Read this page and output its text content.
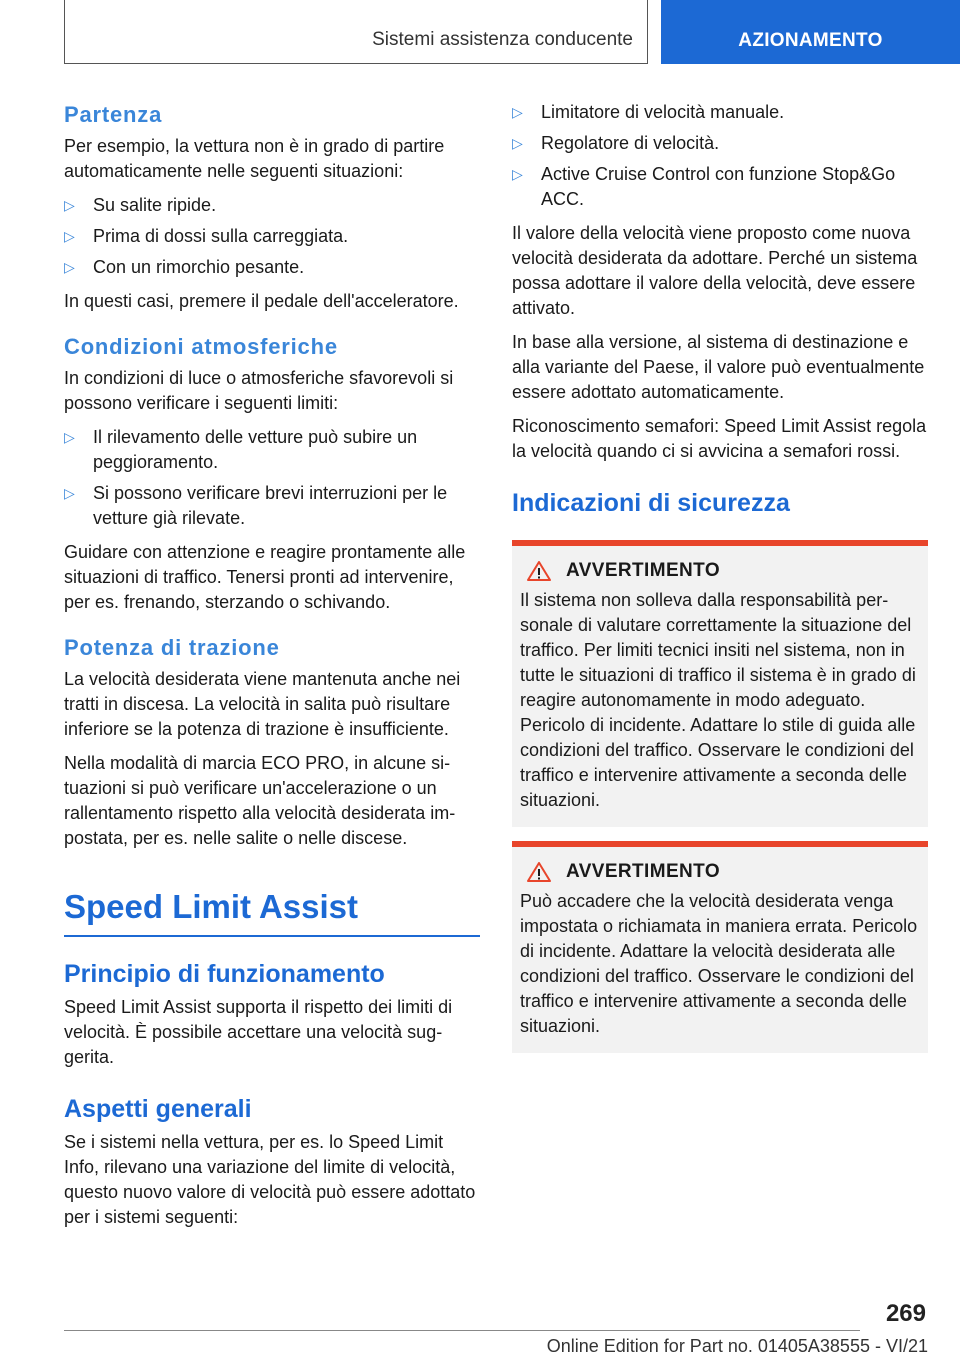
Sistemi assistenza conducente	AZIONAMENTO
Partenza

Per esempio, la vettura non è in grado di partire automaticamente nelle seguenti situazioni:

▷ Su salite ripide.
▷ Prima di dossi sulla carreggiata.
▷ Con un rimorchio pesante.

In questi casi, premere il pedale dell'acceleratore.

Condizioni atmosferiche

In condizioni di luce o atmosferiche sfavorevoli si possono verificare i seguenti limiti:

▷ Il rilevamento delle vetture può subire un peggioramento.
▷ Si possono verificare brevi interruzioni per le vetture già rilevate.

Guidare con attenzione e reagire prontamente alle situazioni di traffico. Tenersi pronti ad intervenire, per es. frenando, sterzando o schivando.

Potenza di trazione

La velocità desiderata viene mantenuta anche nei tratti in discesa. La velocità in salita può risultare inferiore se la potenza di trazione è insufficiente.

Nella modalità di marcia ECO PRO, in alcune situazioni si può verificare un'accelerazione o un rallentamento rispetto alla velocità desiderata impostata, per es. nelle salite o nelle discese.

Speed Limit Assist
Principio di funzionamento

Speed Limit Assist supporta il rispetto dei limiti di velocità. È possibile accettare una velocità suggerita.

Aspetti generali

Se i sistemi nella vettura, per es. lo Speed Limit Info, rilevano una variazione del limite di velocità, questo nuovo valore di velocità può essere adottato per i sistemi seguenti:

▷ Limitatore di velocità manuale.
▷ Regolatore di velocità.
▷ Active Cruise Control con funzione Stop&Go ACC.

Il valore della velocità viene proposto come nuova velocità desiderata da adottare. Perché un sistema possa adottare il valore della velocità, deve essere attivato.

In base alla versione, al sistema di destinazione e alla variante del Paese, il valore può eventualmente essere adottato automaticamente.

Riconoscimento semafori: Speed Limit Assist regola la velocità quando ci si avvicina a semafori rossi.

Indicazioni di sicurezza
AVVERTIMENTO

Il sistema non solleva dalla responsabilità personale di valutare correttamente la situazione del traffico. Per limiti tecnici insiti nel sistema, non in tutte le situazioni di traffico il sistema è in grado di reagire autonomamente in modo adeguato. Pericolo di incidente. Adattare lo stile di guida alle condizioni del traffico. Osservare le condizioni del traffico e intervenire attivamente a seconda delle situazioni.

AVVERTIMENTO

Può accadere che la velocità desiderata venga impostata o richiamata in maniera errata. Pericolo di incidente. Adattare la velocità desiderata alle condizioni del traffico. Osservare le condizioni del traffico e intervenire attivamente a seconda delle situazioni.

269
Online Edition for Part no. 01405A38555 - VI/21
